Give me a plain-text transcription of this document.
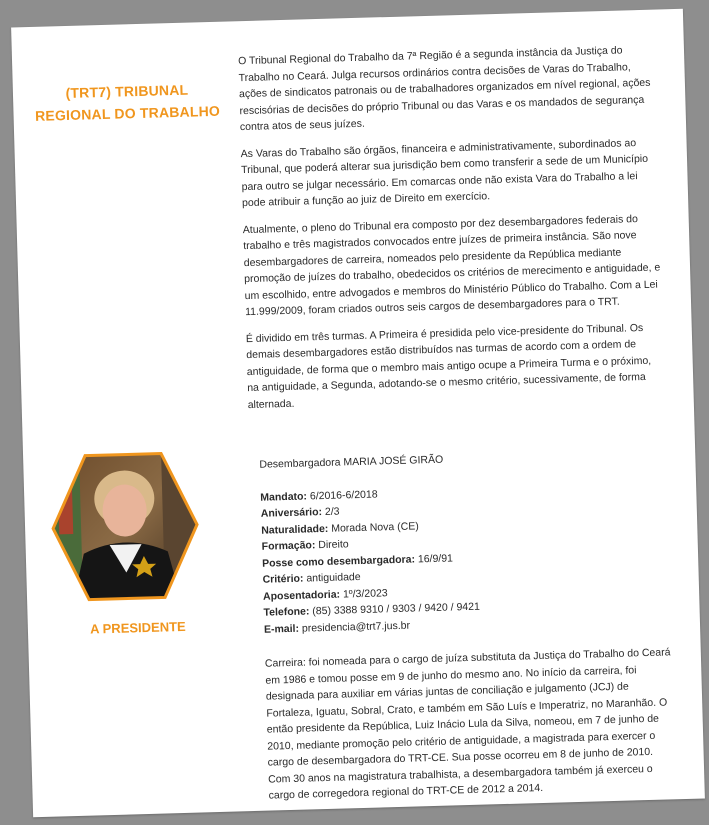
(TRT7) TRIBUNAL
REGIONAL DO TRABALHO

O Tribunal Regional do Trabalho da 7ª Região é a segunda instância da Justiça do Trabalho no Ceará. Julga recursos ordinários contra decisões de Varas do Trabalho, ações de sindicatos patronais ou de trabalhadores organizados em nível regional, ações rescisórias de decisões do próprio Tribunal ou das Varas e os mandados de segurança contra atos de seus juízes.

As Varas do Trabalho são órgãos, financeira e administrativamente, subordinados ao Tribunal, que poderá alterar sua jurisdição bem como transferir a sede de um Município para outro se julgar necessário. Em comarcas onde não exista Vara do Trabalho a lei pode atribuir a função ao juiz de Direito em exercício.

Atualmente, o pleno do Tribunal era composto por dez desembargadores federais do trabalho e três magistrados convocados entre juízes de primeira instância. São nove desembargadores de carreira, nomeados pelo presidente da República mediante promoção de juízes do trabalho, obedecidos os critérios de merecimento e antiguidade, e um escolhido, entre advogados e membros do Ministério Público do Trabalho. Com a Lei 11.999/2009, foram criados outros seis cargos de desembargadores para o TRT.

É dividido em três turmas. A Primeira é presidida pelo vice-presidente do Tribunal. Os demais desembargadores estão distribuídos nas turmas de acordo com a ordem de antiguidade, de forma que o membro mais antigo ocupe a Primeira Turma e o próximo, na antiguidade, a Segunda, adotando-se o mesmo critério, sucessivamente, de forma alternada.

A PRESIDENTE
Desembargadora MARIA JOSÉ GIRÃO
Mandato: 6/2016-6/2018
Aniversário: 2/3
Naturalidade: Morada Nova (CE)
Formação: Direito
Posse como desembargadora: 16/9/91
Critério: antiguidade
Aposentadoria: 1º/3/2023
Telefone: (85) 3388 9310 / 9303 / 9420 / 9421
E-mail: presidencia@trt7.jus.br
Carreira: foi nomeada para o cargo de juíza substituta da Justiça do Trabalho do Ceará em 1986 e tomou posse em 9 de junho do mesmo ano. No início da carreira, foi designada para auxiliar em várias juntas de conciliação e julgamento (JCJ) de Fortaleza, Iguatu, Sobral, Crato, e também em São Luís e Imperatriz, no Maranhão. O então presidente da República, Luiz Inácio Lula da Silva, nomeou, em 7 de junho de 2010, mediante promoção pelo critério de antiguidade, a magistrada para exercer o cargo de desembargadora do TRT-CE. Sua posse ocorreu em 8 de junho de 2010. Com 30 anos na magistratura trabalhista, a desembargadora também já exerceu o cargo de corregedora regional do TRT-CE de 2012 a 2014.
